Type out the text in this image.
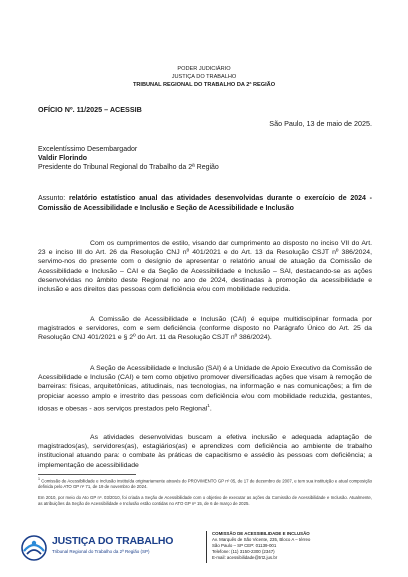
PODER JUDICIÁRIO
JUSTIÇA DO TRABALHO
TRIBUNAL REGIONAL DO TRABALHO DA 2ª REGIÃO
OFÍCIO Nº. 11/2025 – ACESSIB
São Paulo, 13 de maio de 2025.
Excelentíssimo Desembargador
Valdir Florindo
Presidente do Tribunal Regional do Trabalho da 2ª Região
Assunto: relatório estatístico anual das atividades desenvolvidas durante o exercício de 2024 - Comissão de Acessibilidade e Inclusão e Seção de Acessibilidade e Inclusão
Com os cumprimentos de estilo, visando dar cumprimento ao disposto no inciso VII do Art. 23 e inciso III do Art. 26 da Resolução CNJ nº 401/2021 e do Art. 13 da Resolução CSJT nº 386/2024, servimo-nos do presente com o desígnio de apresentar o relatório anual de atuação da Comissão de Acessibilidade e Inclusão – CAI e da Seção de Acessibilidade e Inclusão – SAI, destacando-se as ações desenvolvidas no âmbito deste Regional no ano de 2024, destinadas à promoção da acessibilidade e inclusão e aos direitos das pessoas com deficiência e/ou com mobilidade reduzida.
A Comissão de Acessibilidade e Inclusão (CAI) é equipe multidisciplinar formada por magistrados e servidores, com e sem deficiência (conforme disposto no Parágrafo Único do Art. 25 da Resolução CNJ 401/2021 e § 2º do Art. 11 da Resolução CSJT nº 386/2024).
A Seção de Acessibilidade e Inclusão (SAI) é a Unidade de Apoio Executivo da Comissão de Acessibilidade e Inclusão (CAI) e tem como objetivo promover diversificadas ações que visam à remoção de barreiras: físicas, arquitetônicas, atitudinais, nas tecnologias, na informação e nas comunicações; a fim de propiciar acesso amplo e irrestrito das pessoas com deficiência e/ou com mobilidade reduzida, gestantes, idosas e obesas - aos serviços prestados pelo Regional$^1$.
As atividades desenvolvidas buscam a efetiva inclusão e adequada adaptação de magistrados(as), servidores(as), estagiários(as) e aprendizes com deficiência ao ambiente de trabalho institucional atuando para: o combate às práticas de capacitismo e assédio às pessoas com deficiência; a implementação de acessibilidade
$^1$ Comissão de Acessibilidade e Inclusão instituída originariamente através do PROVIMENTO GP nº 05, de 17 de dezembro de 2007, e tem sua instituição e atual composição definida pelo ATO GP nº 71, de 19 de novembro de 2024.
Em 2010, por meio do Ato GP nº. 03/2010, foi criada a Seção de Acessibilidade com o objetivo de executar as ações da Comissão de Acessibilidade e Inclusão. Atualmente, as atribuições da Seção de Acessibilidade e Inclusão estão contidas no ATO GP nº 15, de 6 de março de 2025.
JUSTIÇA DO TRABALHO
Tribunal Regional do Trabalho da 2ª Região (SP)
COMISSÃO DE ACESSIBILIDADE E INCLUSÃO
Av. Marquês de São Vicente, 235, Bloco A – térreo
São Paulo – SP CEP: 01139-001
Telefone: (11) 3150-2300 (2347)
E-mail: acessibilidade@trt2.jus.br
